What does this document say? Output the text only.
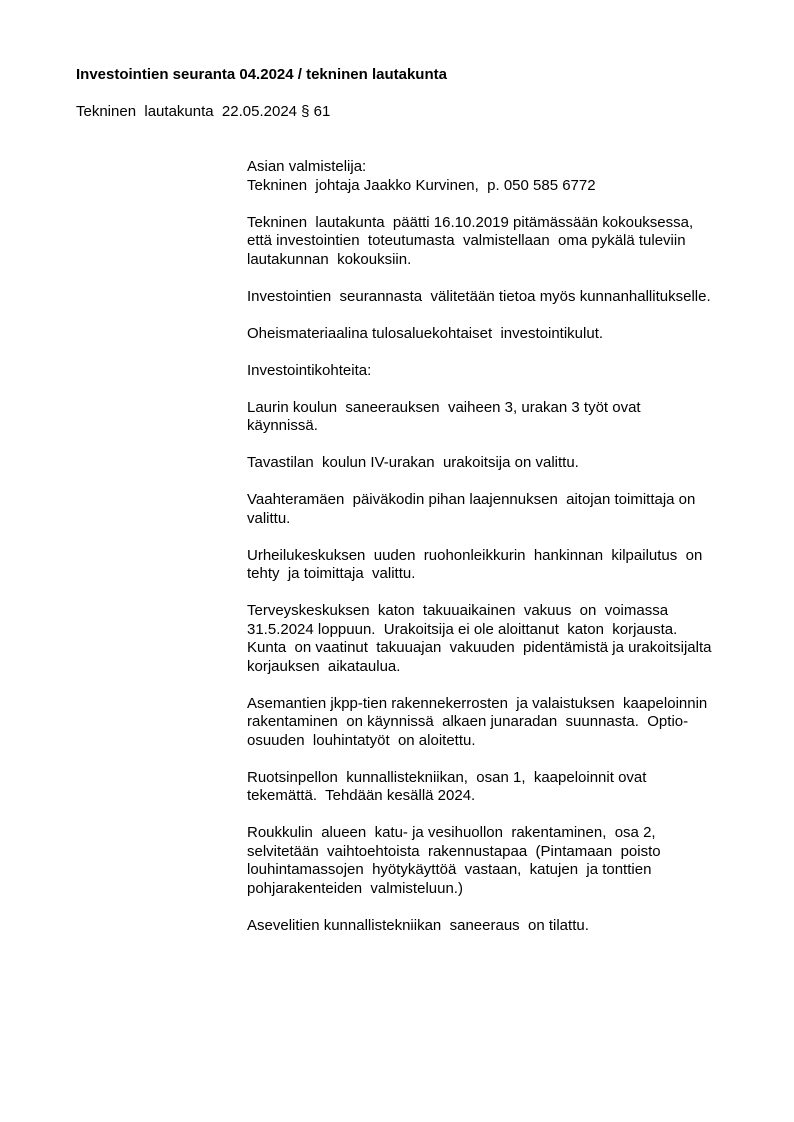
Investointien seuranta 04.2024 / tekninen lautakunta
Tekninen  lautakunta  22.05.2024 § 61

Asian valmistelija:
Tekninen  johtaja Jaakko Kurvinen,  p. 050 585 6772

Tekninen  lautakunta  päätti 16.10.2019 pitämässään kokouksessa,
että investointien  toteutumasta  valmistellaan  oma pykälä tuleviin
lautakunnan  kokouksiin.

Investointien  seurannasta  välitetään tietoa myös kunnanhallitukselle.

Oheismateriaalina tulosaluekohtaiset  investointikulut.

Investointikohteita:

Laurin koulun  saneerauksen  vaiheen 3, urakan 3 työt ovat
käynnissä.

Tavastilan  koulun IV-urakan  urakoitsija on valittu.

Vaahteramäen  päiväkodin pihan laajennuksen  aitojan toimittaja on
valittu.

Urheilukeskuksen  uuden  ruohonleikkurin  hankinnan  kilpailutus  on
tehty  ja toimittaja  valittu.

Terveyskeskuksen  katon  takuuaikainen  vakuus  on  voimassa
31.5.2024 loppuun.  Urakoitsija ei ole aloittanut  katon  korjausta.
Kunta  on vaatinut  takuuajan  vakuuden  pidentämistä ja urakoitsijalta
korjauksen  aikataulua.

Asemantien jkpp-tien rakennekerrosten  ja valaistuksen  kaapeloinnin
rakentaminen  on käynnissä  alkaen junaradan  suunnasta.  Optio-
osuuden  louhintatyöt  on aloitettu.

Ruotsinpellon  kunnallistekniikan,  osan 1,  kaapeloinnit ovat
tekemättä.  Tehdään kesällä 2024.

Roukkulin  alueen  katu- ja vesihuollon  rakentaminen,  osa 2,
selvitetään  vaihtoehtoista  rakennustapaa  (Pintamaan  poisto
louhintamassojen  hyötykäyttöä  vastaan,  katujen  ja tonttien
pohjarakenteiden  valmisteluun.)

Asevelitien kunnallistekniikan  saneeraus  on tilattu.
